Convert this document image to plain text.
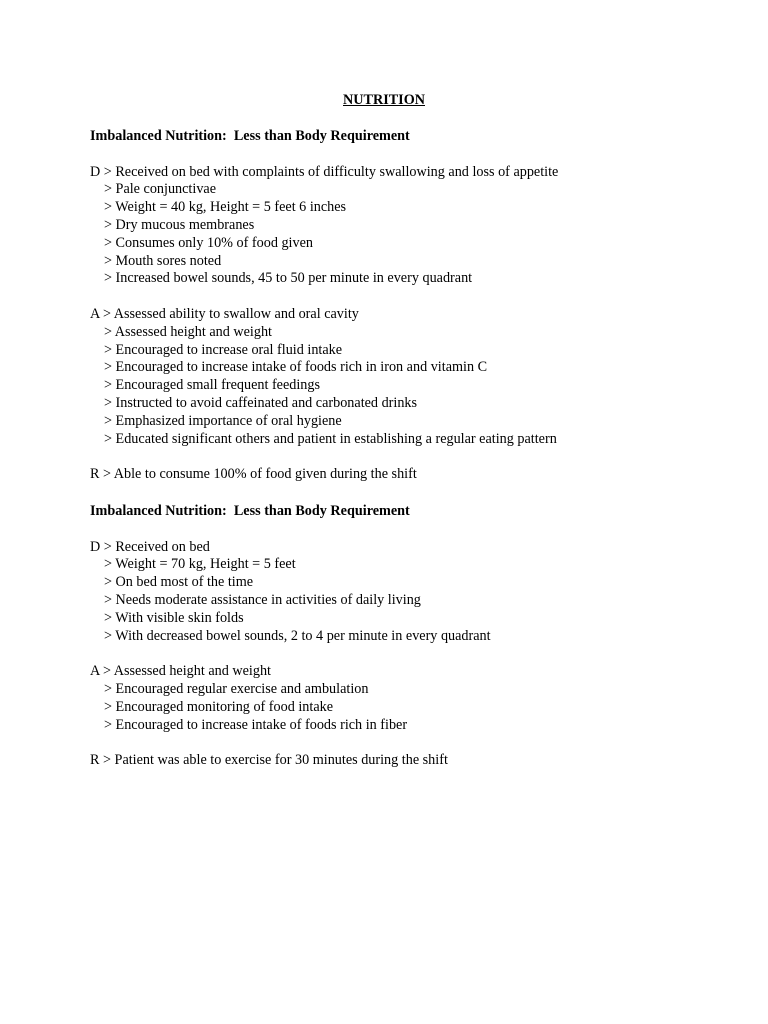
NUTRITION

Imbalanced Nutrition:  Less than Body Requirement

D > Received on bed with complaints of difficulty swallowing and loss of appetite

> Pale conjunctivae

> Weight = 40 kg, Height = 5 feet 6 inches

> Dry mucous membranes

> Consumes only 10% of food given

> Mouth sores noted

> Increased bowel sounds, 45 to 50 per minute in every quadrant

A > Assessed ability to swallow and oral cavity

> Assessed height and weight

> Encouraged to increase oral fluid intake

> Encouraged to increase intake of foods rich in iron and vitamin C

> Encouraged small frequent feedings

> Instructed to avoid caffeinated and carbonated drinks

> Emphasized importance of oral hygiene

> Educated significant others and patient in establishing a regular eating pattern

R > Able to consume 100% of food given during the shift

Imbalanced Nutrition:  Less than Body Requirement

D > Received on bed

> Weight = 70 kg, Height = 5 feet

> On bed most of the time

> Needs moderate assistance in activities of daily living

> With visible skin folds

> With decreased bowel sounds, 2 to 4 per minute in every quadrant

A > Assessed height and weight

> Encouraged regular exercise and ambulation

> Encouraged monitoring of food intake

> Encouraged to increase intake of foods rich in fiber

R > Patient was able to exercise for 30 minutes during the shift
